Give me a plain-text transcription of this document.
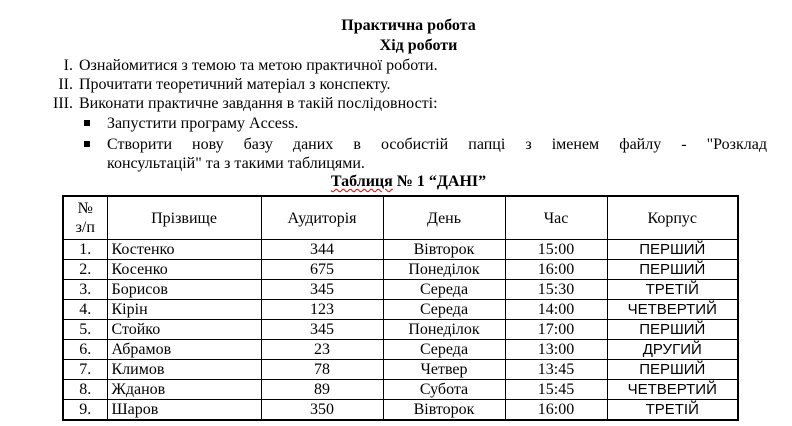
Практична робота
Хід роботи
I. Ознайомитися з темою та метою практичної роботи.
II. Прочитати теоретичний матеріал з конспекту.
III. Виконати практичне завдання в такій послідовності:
Запустити програму Access.
Створити нову базу даних в особистій папці з іменем файлу - "Розклад
консультацій" та з такими таблицями.
Таблиця № 1 “ДАНІ”
№
з/п	Прізвище	Аудиторія	День	Час	Корпус
1.	Костенко	344	Вівторок	15:00	ПЕРШИЙ
2.	Косенко	675	Понеділок	16:00	ПЕРШИЙ
3.	Борисов	345	Середа	15:30	ТРЕТІЙ
4.	Кірін	123	Середа	14:00	ЧЕТВЕРТИЙ
5.	Стойко	345	Понеділок	17:00	ПЕРШИЙ
6.	Абрамов	23	Середа	13:00	ДРУГИЙ
7.	Климов	78	Четвер	13:45	ПЕРШИЙ
8.	Жданов	89	Субота	15:45	ЧЕТВЕРТИЙ
9.	Шаров	350	Вівторок	16:00	ТРЕТІЙ
